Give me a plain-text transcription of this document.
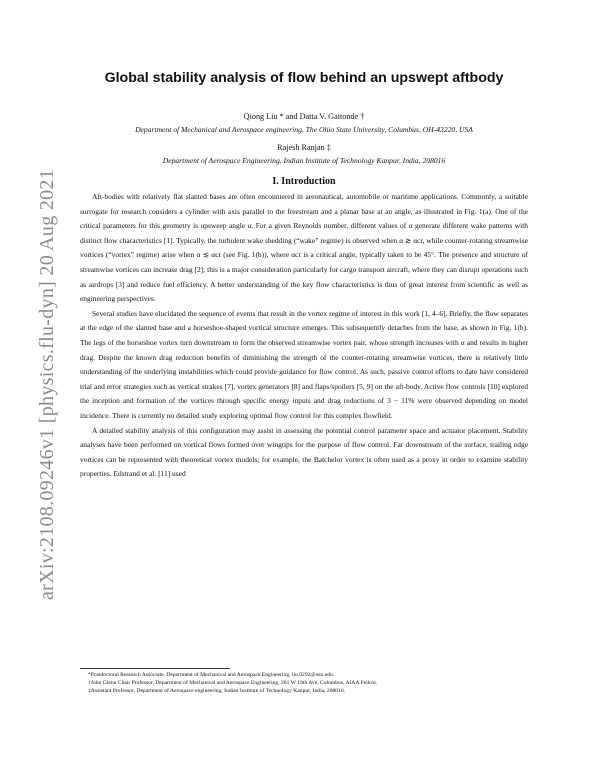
arXiv:2108.09246v1 [physics.flu-dyn] 20 Aug 2021
Global stability analysis of flow behind an upswept aftbody
Qiong Liu * and Datta V. Gaitonde †
Department of Mechanical and Aerospace engineering, The Ohio State University, Columbus, OH-43220, USA
Rajesh Ranjan ‡
Department of Aerospace Engineering, Indian Institute of Technology Kanpur, India, 208016
I. Introduction

Aft-bodies with relatively flat slanted bases are often encountered in aeronautical, automobile or maritime applications. Commonly, a suitable surrogate for research considers a cylinder with axis parallel to the freestream and a planar base at an angle, as illustrated in Fig. 1(a). One of the critical parameters for this geometry is upsweep angle α. For a given Reynolds number, different values of α generate different wake patterns with distinct flow characteristics [1]. Typically, the turbulent wake shedding (“wake” regime) is observed when α ≳ αcr, while counter-rotating streamwise vortices (“vortex” regime) arise when α ≲ αcr (see Fig. 1(b)), where αcr is a critical angle, typically taken to be 45°. The presence and structure of streamwise vortices can increase drag [2]; this is a major consideration particularly for cargo transport aircraft, where they can disrupt operations such as airdrops [3] and reduce fuel efficiency. A better understanding of the key flow characteristics is thus of great interest from scientific as well as engineering perspectives.

Several studies have elucidated the sequence of events that result in the vortex regime of interest in this work [1, 4–6]. Briefly, the flow separates at the edge of the slanted base and a horseshoe-shaped vortical structure emerges. This subsequently detaches from the base, as shown in Fig. 1(b). The legs of the horseshoe vortex turn downstream to form the observed streamwise vortex pair, whose strength increases with α and results in higher drag. Despite the known drag reduction benefits of diminishing the strength of the counter-rotating streamwise vortices, there is relatively little understanding of the underlying instabilities which could provide guidance for flow control. As such, passive control efforts to date have considered trial and error strategies such as vertical strakes [7], vortex generators [8] and flaps/spoilers [5, 9] on the aft-body. Active flow controls [10] explored the inception and formation of the vortices through specific energy inputs and drag reductions of 3 − 11% were observed depending on model incidence. There is currently no detailed study exploring optimal flow control for this complex flowfield.

A detailed stability analysis of this configuration may assist in assessing the potential control parameter space and actuator placement. Stability analyses have been performed on vortical flows formed over wingtips for the purpose of flow control. Far downstream of the surface, trailing edge vortices can be represented with theoretical vortex models; for example, the Batchelor vortex is often used as a proxy in order to examine stability properties. Edstrand et al. [11] used

*Postdoctoral Research Associate, Department of Mechanical and Aerospace Engineering, liu.9292@osu.edu.
†John Glenn Chair Professor, Department of Mechanical and Aerospace Engineering, 201 W 19th Ave, Columbus, AIAA Fellow.
‡Assistant Professor, Department of Aerospace engineering, Indian Institute of Technology Kanpur, India, 208016.
